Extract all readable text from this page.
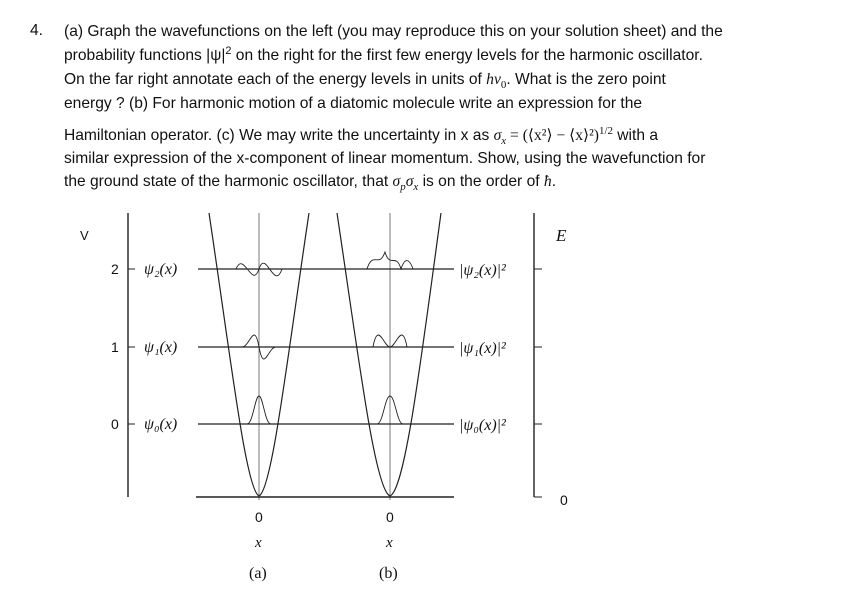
4. (a) Graph the wavefunctions on the left (you may reproduce this on your solution sheet) and the
probability functions $|\psi|^2$ on the right for the first few energy levels for the harmonic oscillator.
On the far right annotate each of the energy levels in units of $h\nu_0$. What is the zero point
energy ? (b) For harmonic motion of a diatomic molecule write an expression for the
Hamiltonian operator. (c) We may write the uncertainty in x as $\sigma_x$ = (⟨x²⟩ − ⟨x⟩²)$^{1/2}$ with a
similar expression of the x-component of linear momentum. Show, using the wavefunction for
the ground state of the harmonic oscillator, that $\sigma_p\sigma_x$ is on the order of ħ.
V	E
0
2
1
0
ψ₂(x)
ψ₁(x)
ψ₀(x)
|ψ₂(x)|²
|ψ₁(x)|²
|ψ₀(x)|²
0
x
(a)
0
x
(b)
